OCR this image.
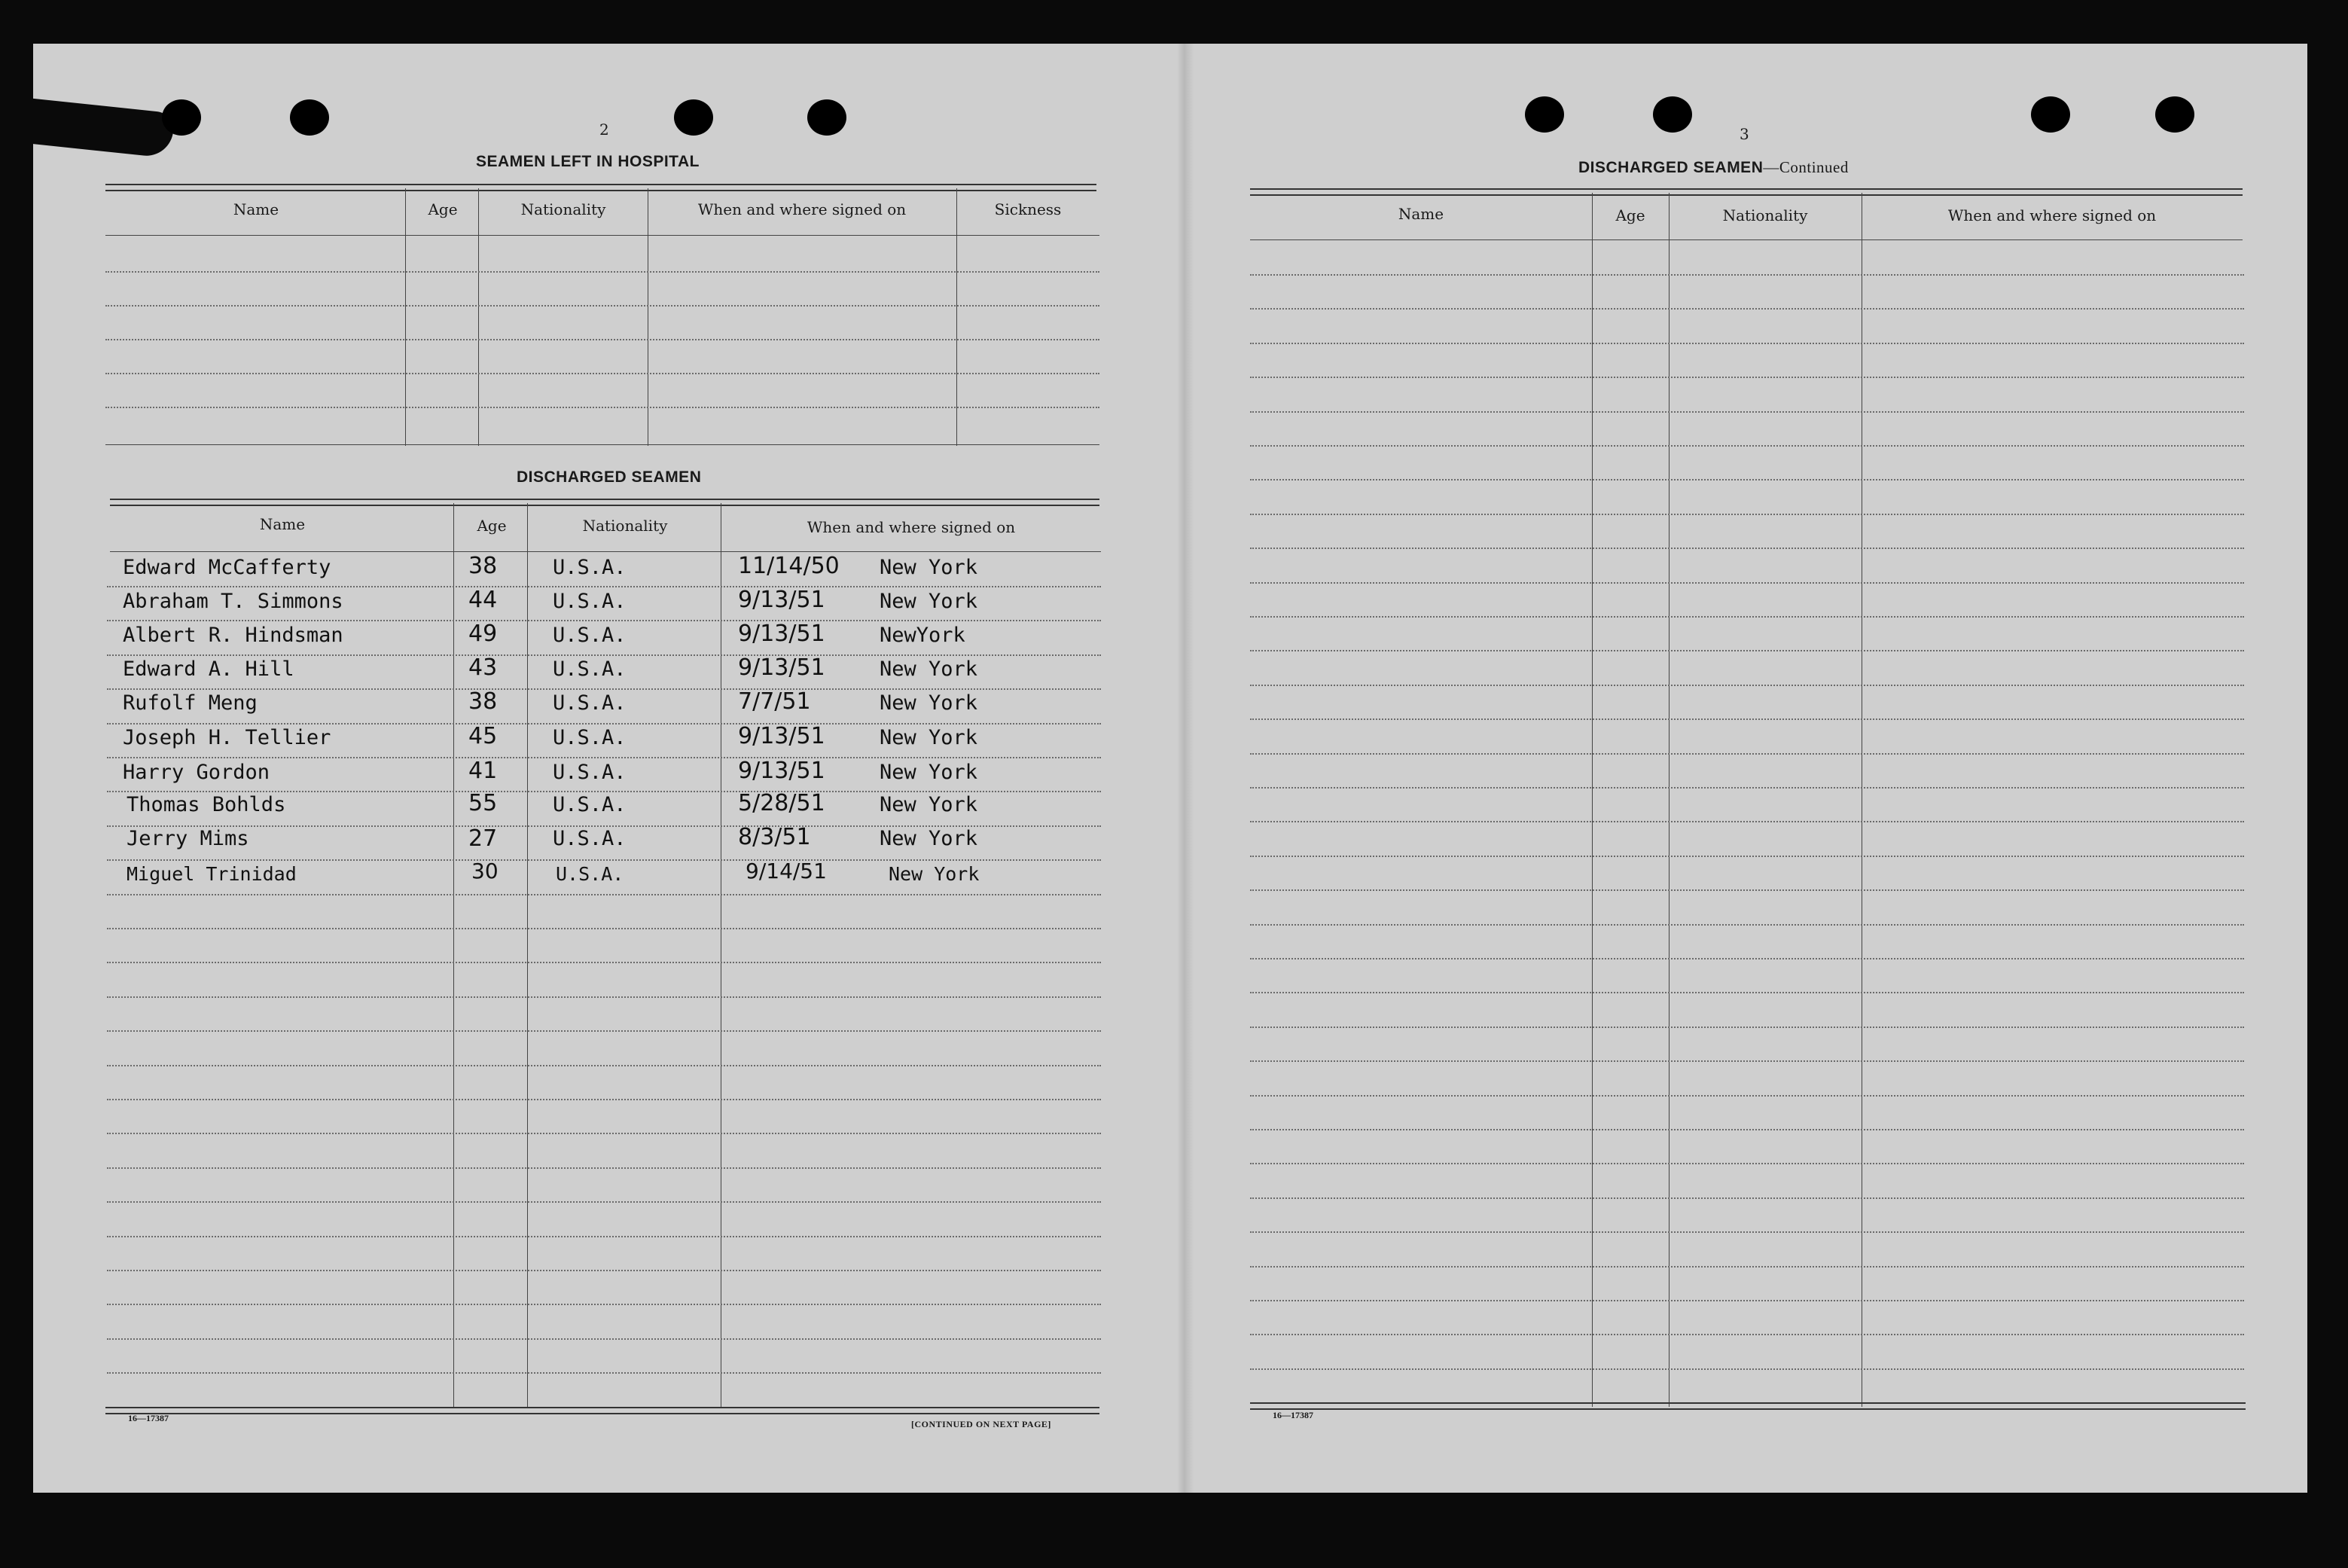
2
SEAMEN LEFT IN HOSPITAL
Name	Age	Nationality	When and where signed on	Sickness
DISCHARGED SEAMEN
Name	Age	Nationality	When and where signed on
Edward McCafferty	38	U.S.A.	11/14/50 New York
Abraham T. Simmons	44	U.S.A.	9/13/51	New York
Albert R. Hindsman	49	U.S.A.	9/13/51	NewYork
Edward A. Hill	43	U.S.A.	9/13/51	New York
Rufolf Meng	38	U.S.A.	7/7/51	New York
Joseph H. Tellier	45	U.S.A.	9/13/51	New York
Harry Gordon	41	U.S.A.	9/13/51	New York
Thomas Bohlds	55	U.S.A.	5/28/51	New York
Jerry Mims	27	U.S.A.	8/3/51	New York
Miguel Trinidad	30	U.S.A.	9/14/51	New York
16—17387
[CONTINUED ON NEXT PAGE]
3
DISCHARGED SEAMEN—Continued
Name	Age	Nationality	When and where signed on
16—17387
